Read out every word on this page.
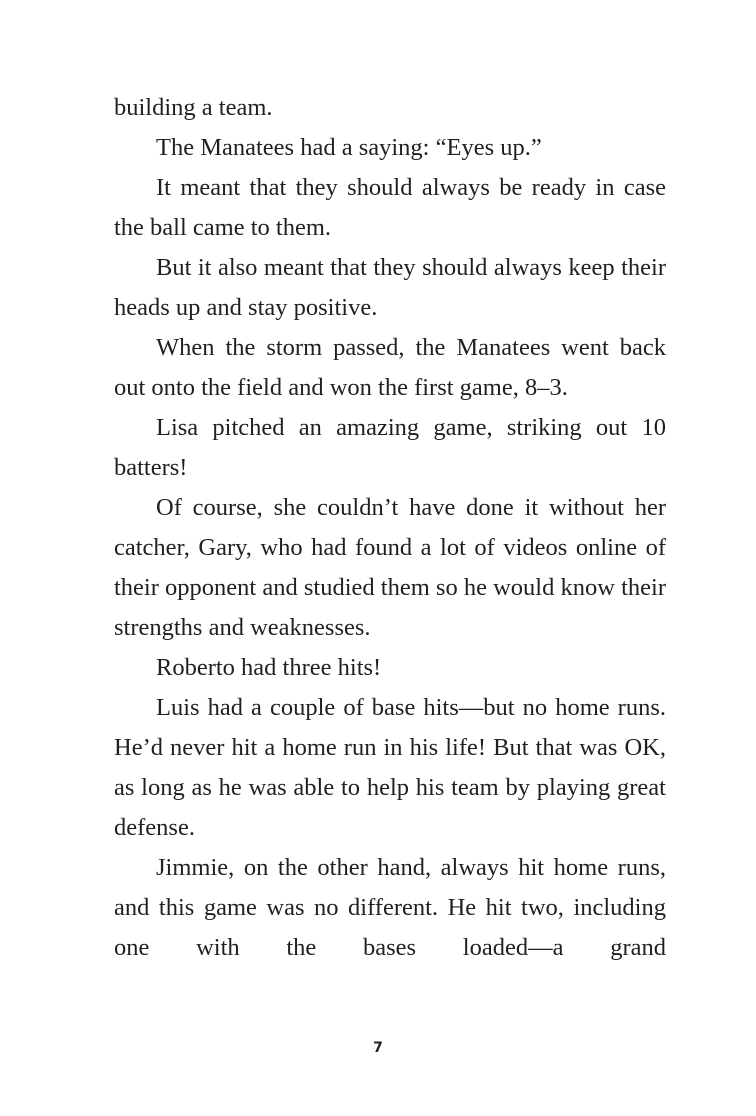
building a team.

The Manatees had a saying: “Eyes up.”

It meant that they should always be ready in case the ball came to them.

But it also meant that they should always keep their heads up and stay positive.

When the storm passed, the Manatees went back out onto the field and won the first game, 8–3.

Lisa pitched an amazing game, striking out 10 batters!

Of course, she couldn’t have done it without her catcher, Gary, who had found a lot of videos online of their opponent and studied them so he would know their strengths and weaknesses.

Roberto had three hits!

Luis had a couple of base hits—but no home runs. He’d never hit a home run in his life! But that was OK, as long as he was able to help his team by playing great defense.

Jimmie, on the other hand, always hit home runs, and this game was no different. He hit two, including one with the bases loaded—a grand

7
